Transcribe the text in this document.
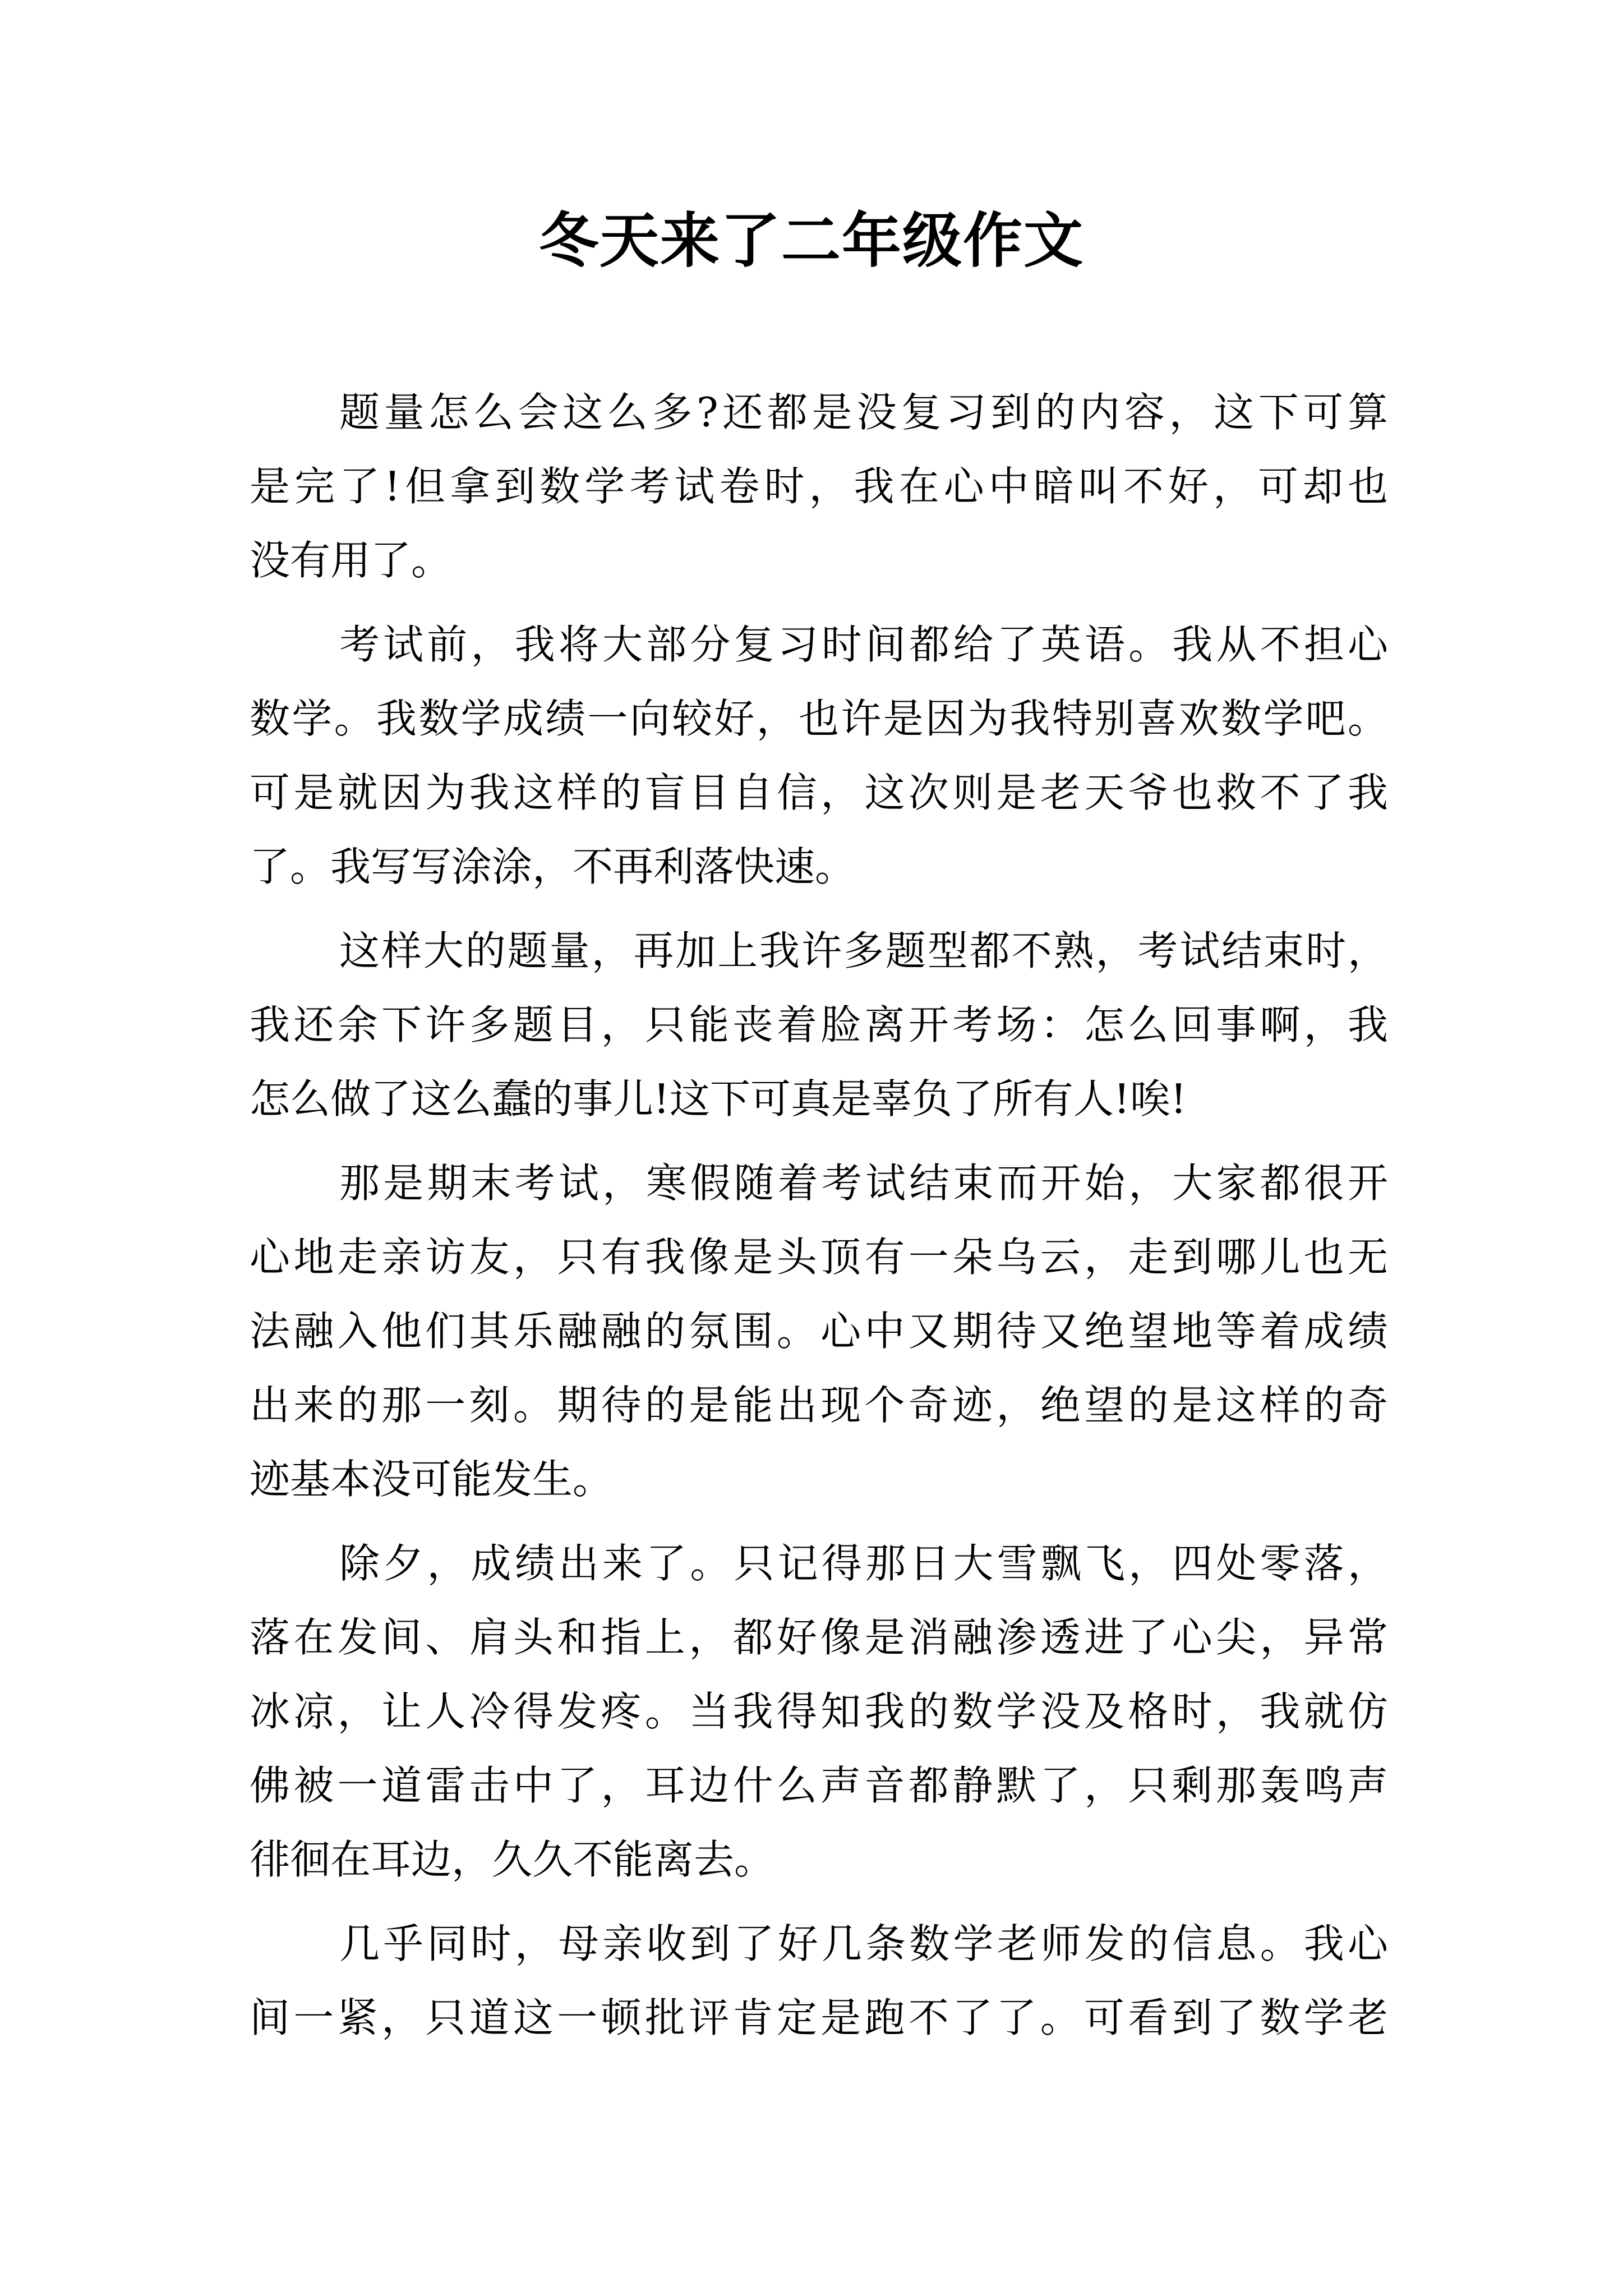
冬天来了二年级作文
题量怎么会这么多?还都是没复习到的内容，这下可算
是完了!但拿到数学考试卷时，我在心中暗叫不好，可却也
没有用了。
考试前，我将大部分复习时间都给了英语。我从不担心
数学。我数学成绩一向较好，也许是因为我特别喜欢数学吧。
可是就因为我这样的盲目自信，这次则是老天爷也救不了我
了。我写写涂涂，不再利落快速。
这样大的题量，再加上我许多题型都不熟，考试结束时，
我还余下许多题目，只能丧着脸离开考场：怎么回事啊，我
怎么做了这么蠢的事儿!这下可真是辜负了所有人!唉!
那是期末考试，寒假随着考试结束而开始，大家都很开
心地走亲访友，只有我像是头顶有一朵乌云，走到哪儿也无
法融入他们其乐融融的氛围。心中又期待又绝望地等着成绩
出来的那一刻。期待的是能出现个奇迹，绝望的是这样的奇
迹基本没可能发生。
除夕，成绩出来了。只记得那日大雪飘飞，四处零落，
落在发间、肩头和指上，都好像是消融渗透进了心尖，异常
冰凉，让人冷得发疼。当我得知我的数学没及格时，我就仿
佛被一道雷击中了，耳边什么声音都静默了，只剩那轰鸣声
徘徊在耳边，久久不能离去。
几乎同时，母亲收到了好几条数学老师发的信息。我心
间一紧，只道这一顿批评肯定是跑不了了。可看到了数学老
